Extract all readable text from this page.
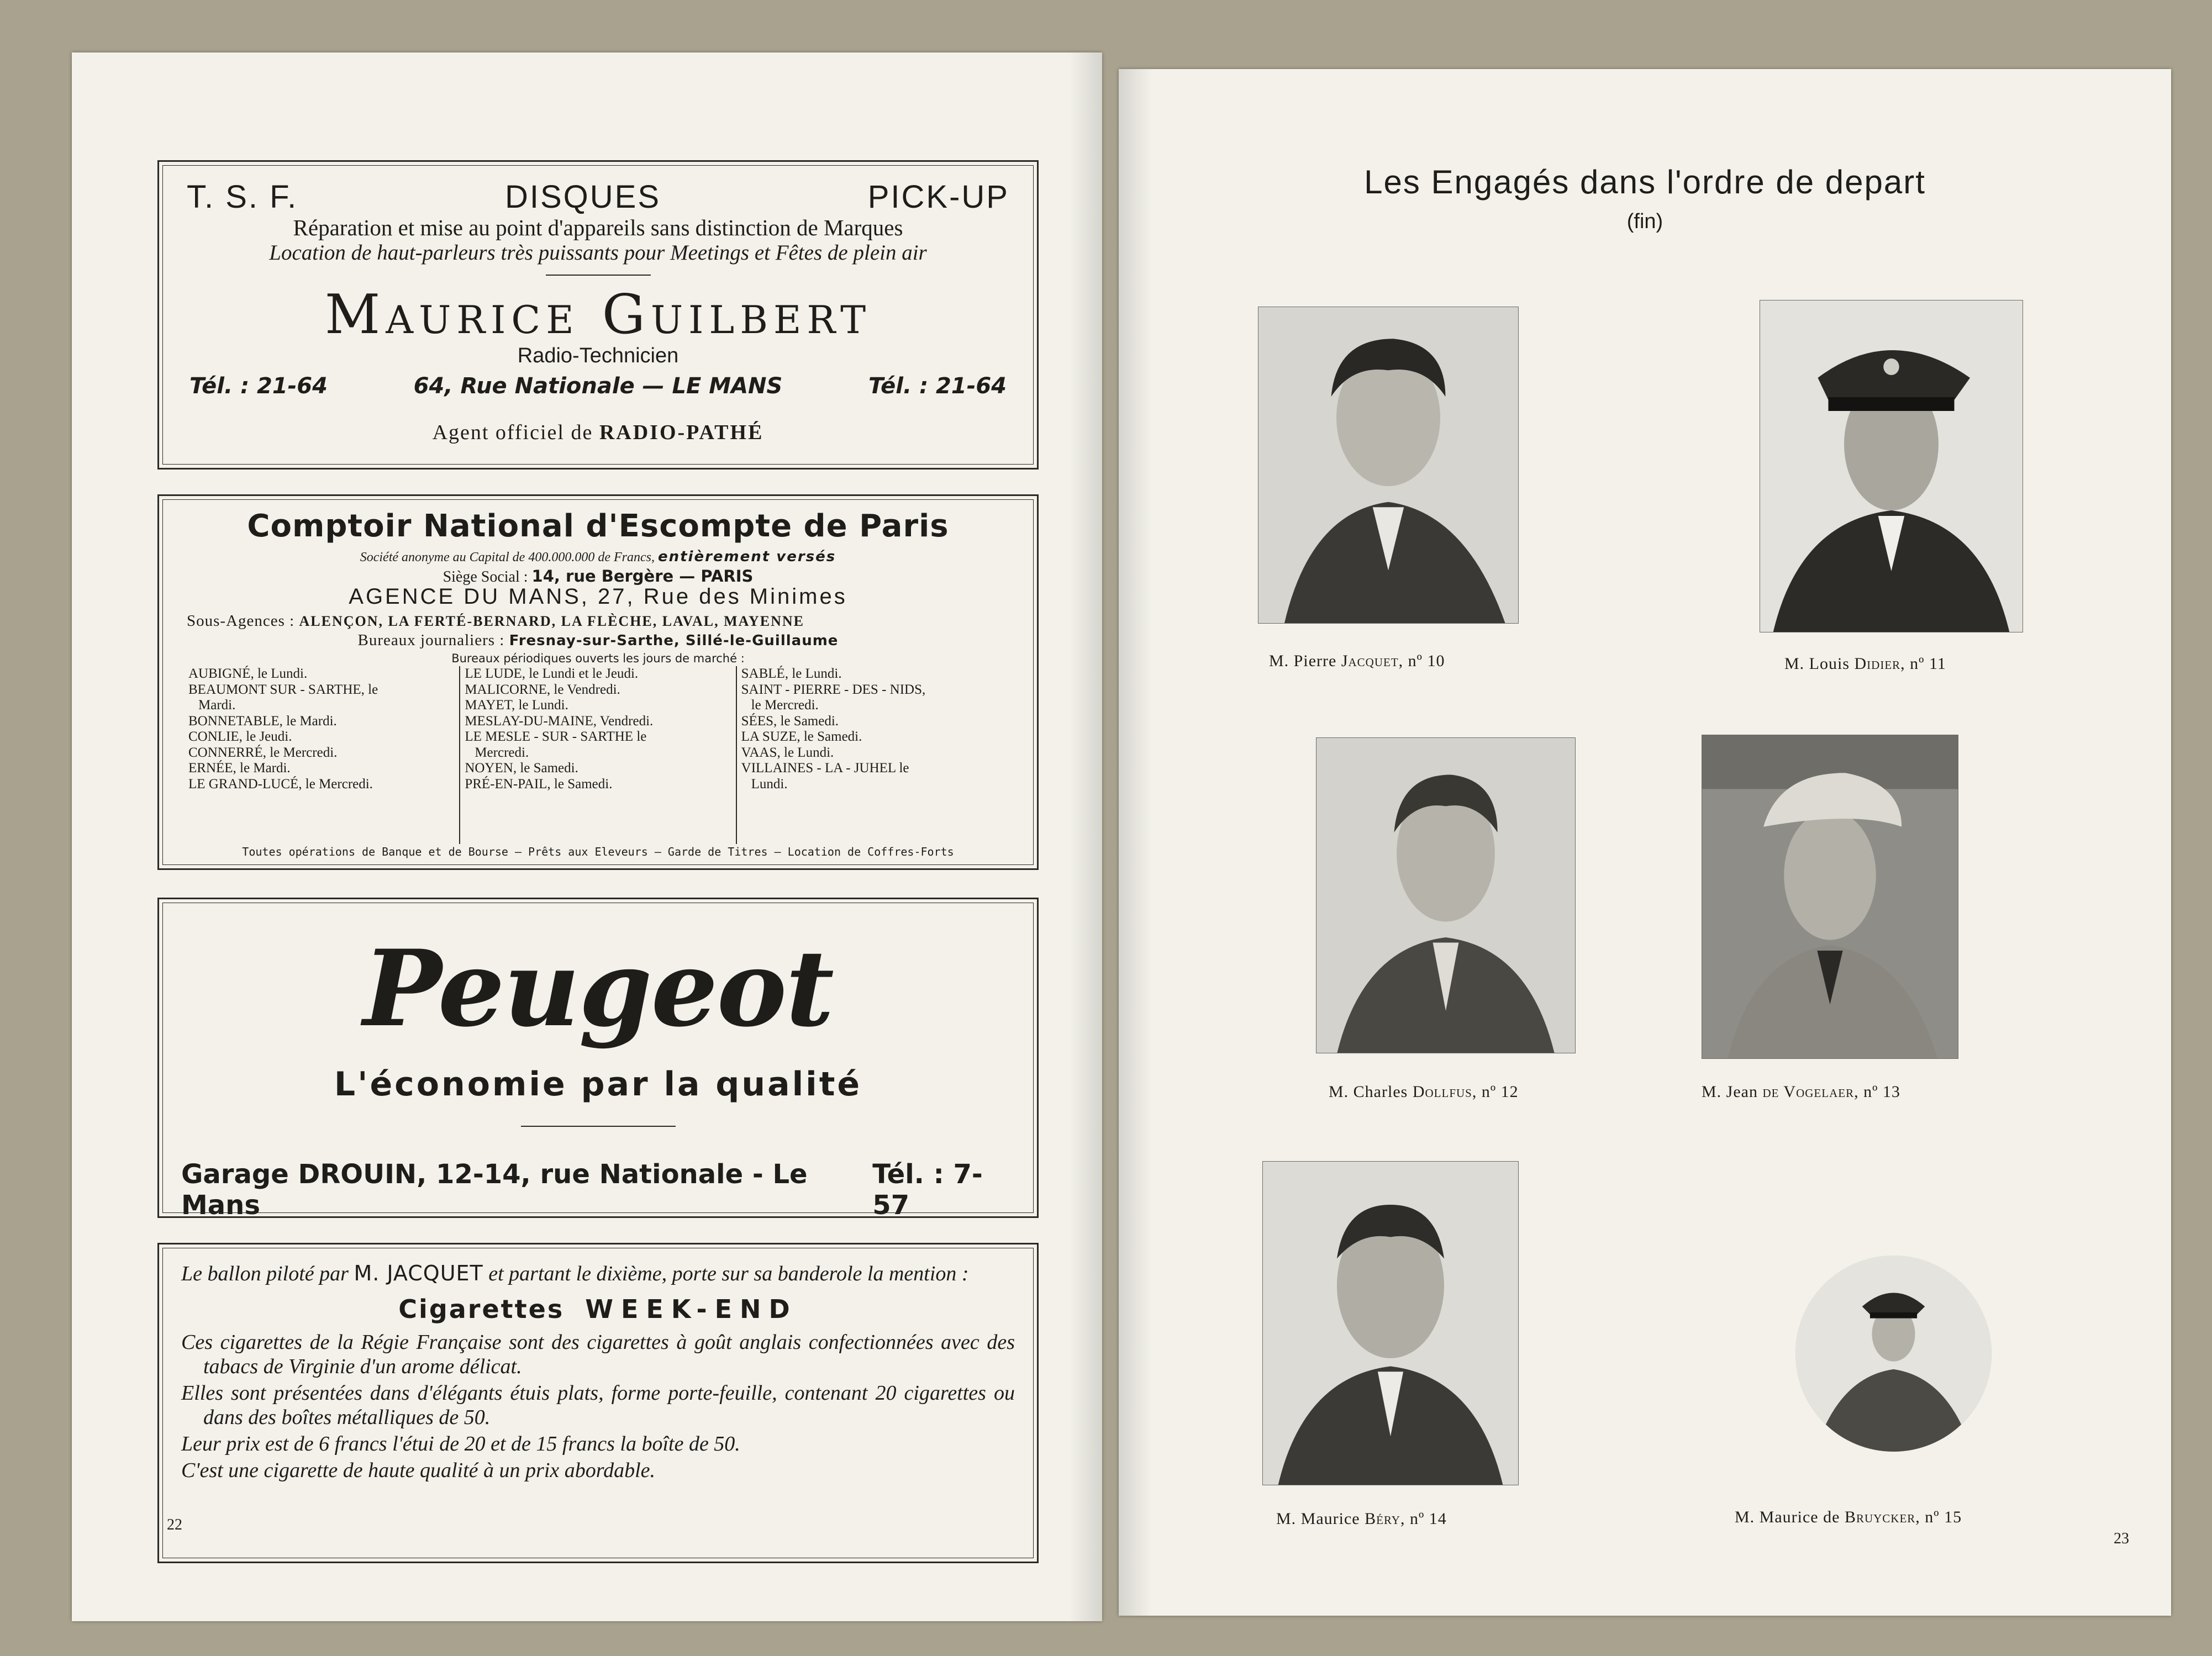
T. S. F.	DISQUES	PICK-UP
Réparation et mise au point d'appareils sans distinction de Marques
Location de haut-parleurs très puissants pour Meetings et Fêtes de plein air
Maurice Guilbert
Radio-Technicien
Tél. : 21-64	64, Rue Nationale — LE MANS	Tél. : 21-64
Agent officiel de RADIO-PATHÉ
Comptoir National d'Escompte de Paris
Société anonyme au Capital de 400.000.000 de Francs, entièrement versés
Siège Social : 14, rue Bergère — PARIS
AGENCE DU MANS, 27, Rue des Minimes
Sous-Agences : ALENÇON, LA FERTÉ-BERNARD, LA FLÈCHE, LAVAL, MAYENNE
Bureaux journaliers : Fresnay-sur-Sarthe, Sillé-le-Guillaume
Bureaux périodiques ouverts les jours de marché :
AUBIGNÉ, le Lundi.
BEAUMONT SUR - SARTHE, le
Mardi.
BONNETABLE, le Mardi.
CONLIE, le Jeudi.
CONNERRÉ, le Mercredi.
ERNÉE, le Mardi.
LE GRAND-LUCÉ, le Mercredi.
LE LUDE, le Lundi et le Jeudi.
MALICORNE, le Vendredi.
MAYET, le Lundi.
MESLAY-DU-MAINE, Vendredi.
LE MESLE - SUR - SARTHE le
Mercredi.
NOYEN, le Samedi.
PRÉ-EN-PAIL, le Samedi.
SABLÉ, le Lundi.
SAINT - PIERRE - DES - NIDS,
le Mercredi.
SÉES, le Samedi.
LA SUZE, le Samedi.
VAAS, le Lundi.
VILLAINES - LA - JUHEL le
Lundi.
Toutes opérations de Banque et de Bourse — Prêts aux Eleveurs — Garde de Titres — Location de Coffres-Forts
Peugeot
L'économie par la qualité
Garage DROUIN, 12-14, rue Nationale - Le Mans
Tél. : 7-57

Le ballon piloté par M. JACQUET et partant le dixième, porte sur sa banderole la mention :

Cigarettes WEEK-END

Ces cigarettes de la Régie Française sont des cigarettes à goût anglais confectionnées avec des tabacs de Virginie d'un arome délicat.

Elles sont présentées dans d'élégants étuis plats, forme porte-feuille, contenant 20 cigarettes ou dans des boîtes métalliques de 50.

Leur prix est de 6 francs l'étui de 20 et de 15 francs la boîte de 50.

C'est une cigarette de haute qualité à un prix abordable.

22
Les Engagés dans l'ordre de depart
(fin)
M. Pierre Jacquet, nº 10	M. Louis Didier, nº 11
M. Charles Dollfus, nº 12	M. Jean de Vogelaer, nº 13
M. Maurice Béry, nº 14	M. Maurice de Bruycker, nº 15
23
